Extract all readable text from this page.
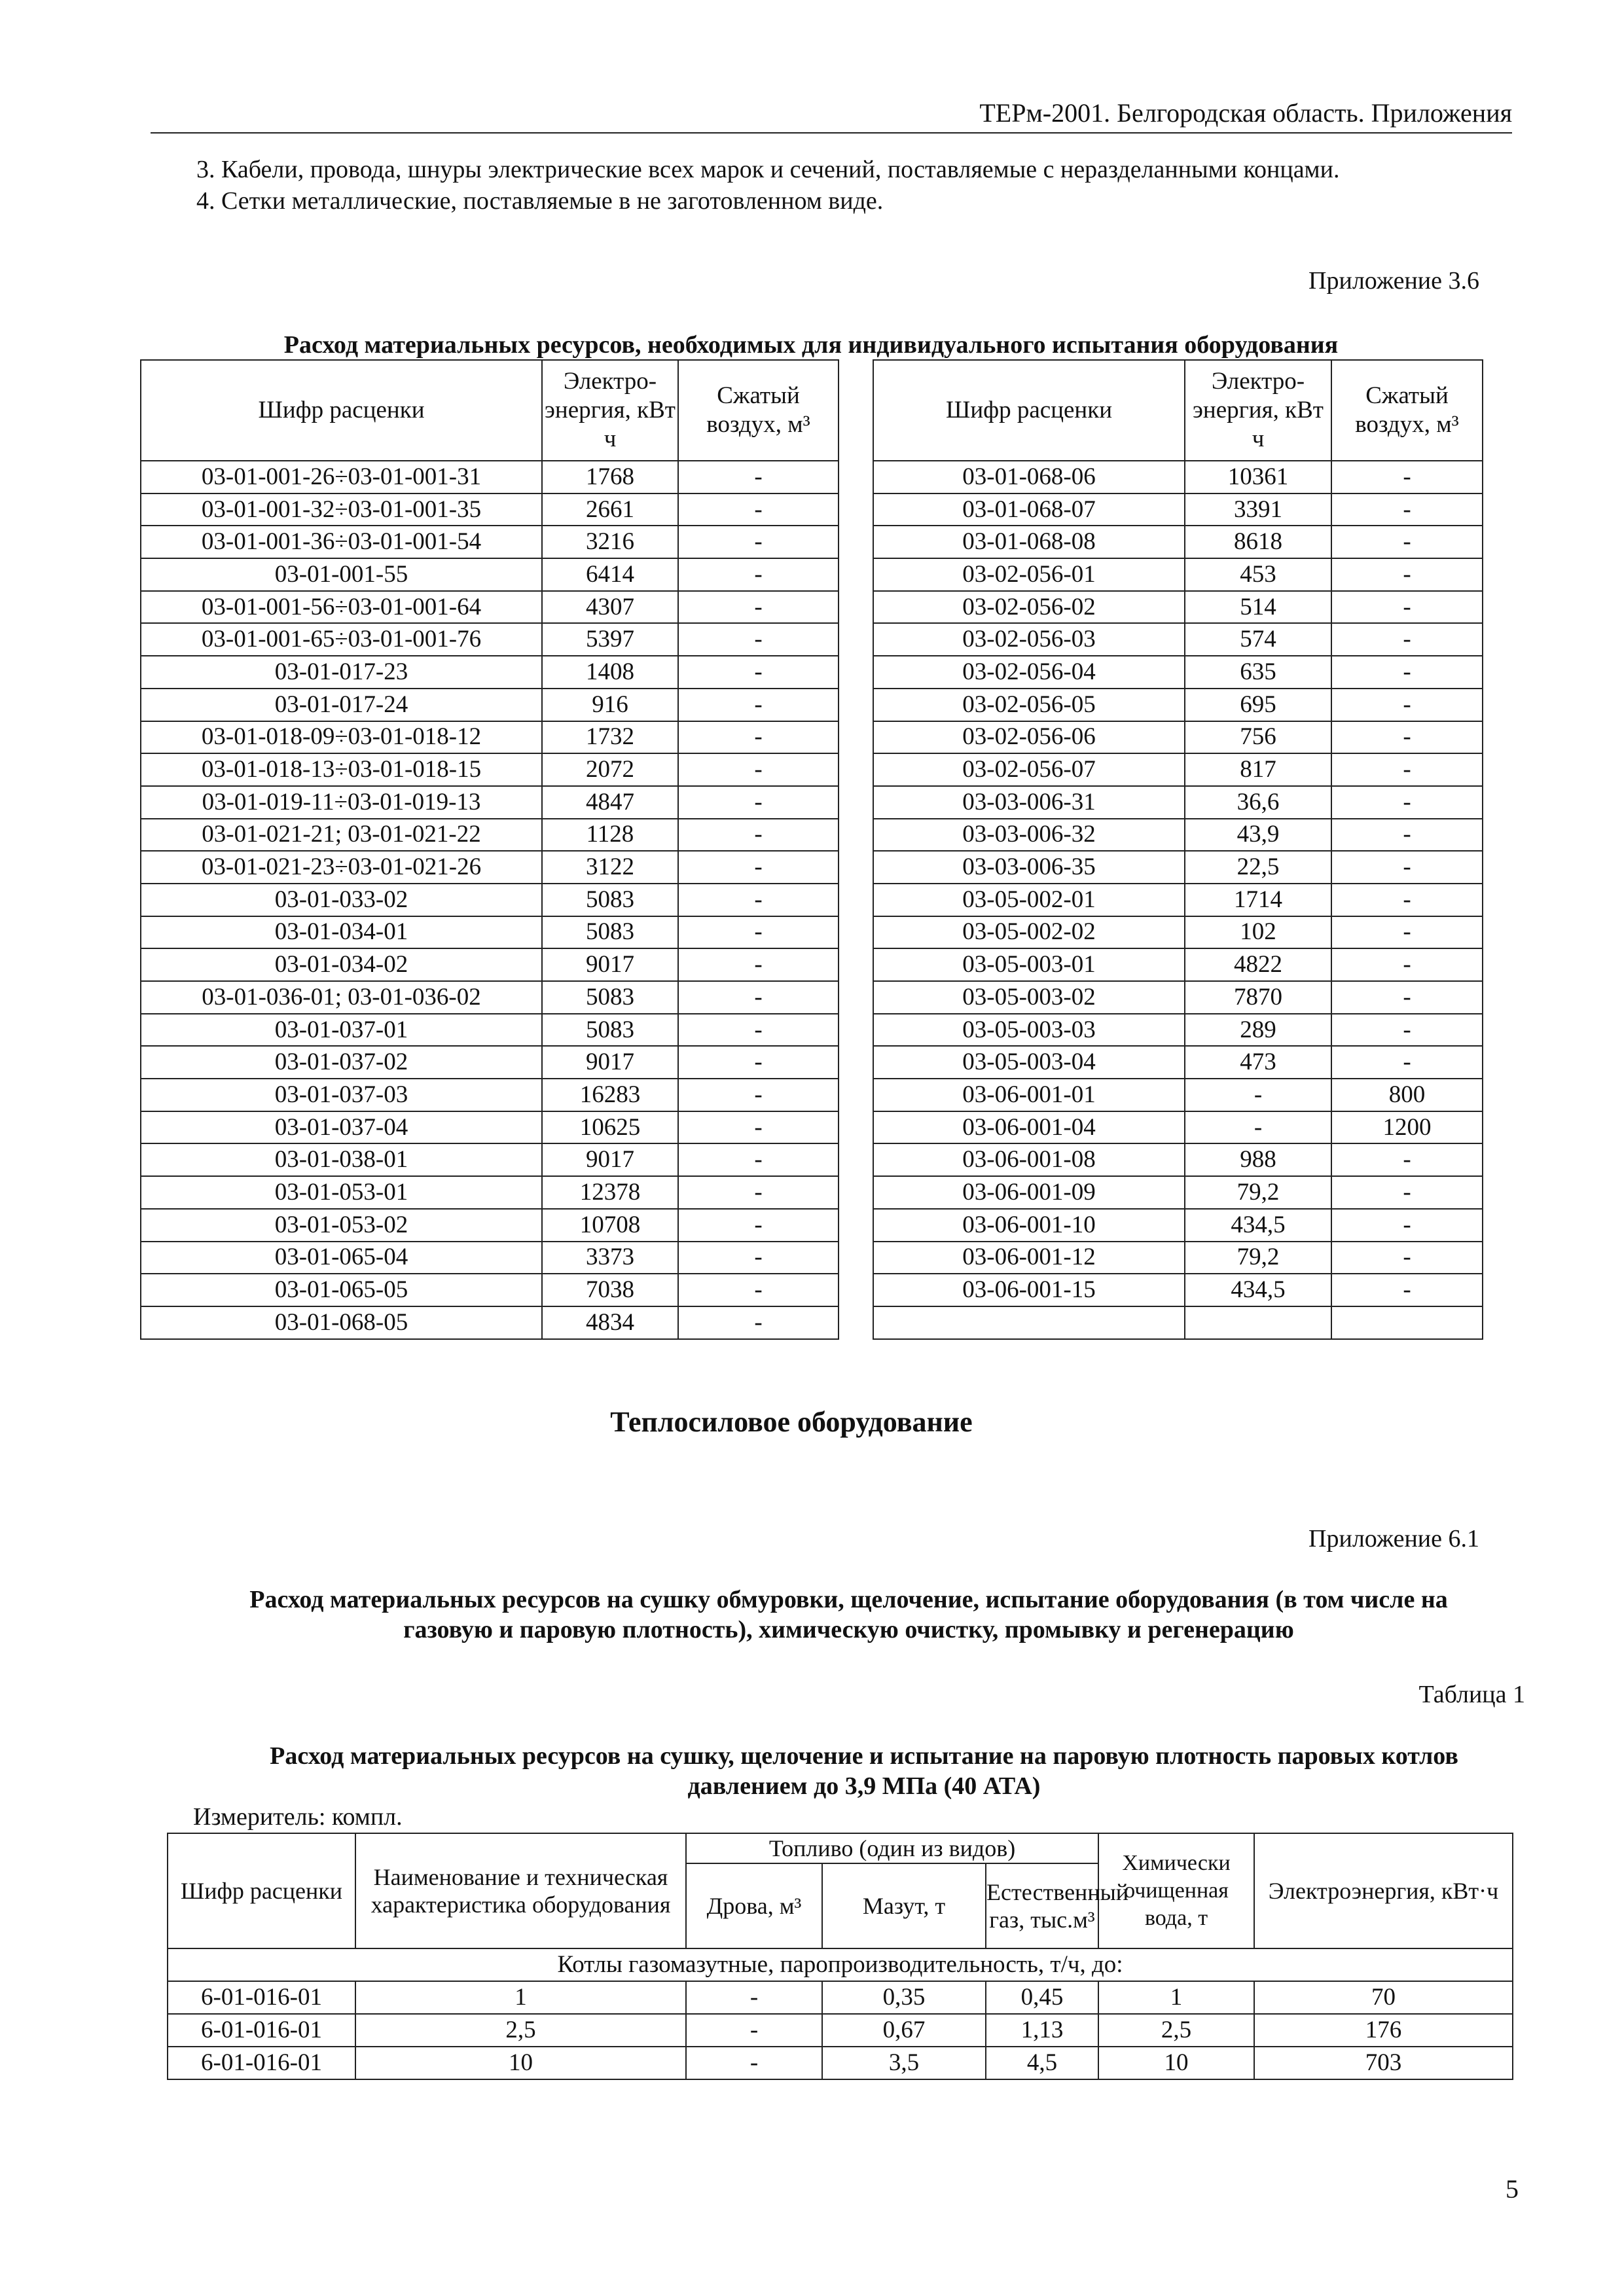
ТЕРм-2001. Белгородская область. Приложения
3. Кабели, провода, шнуры электрические всех марок и сечений, поставляемые с неразделанными концами.
4. Сетки металлические, поставляемые в не заготовленном виде.
Приложение 3.6
Расход материальных ресурсов, необходимых для индивидуального испытания оборудования
Шифр расценки	Электро-энергия, кВт ч	Сжатый воздух, м³
03-01-001-26÷03-01-001-31	1768	-
03-01-001-32÷03-01-001-35	2661	-
03-01-001-36÷03-01-001-54	3216	-
03-01-001-55	6414	-
03-01-001-56÷03-01-001-64	4307	-
03-01-001-65÷03-01-001-76	5397	-
03-01-017-23	1408	-
03-01-017-24	916	-
03-01-018-09÷03-01-018-12	1732	-
03-01-018-13÷03-01-018-15	2072	-
03-01-019-11÷03-01-019-13	4847	-
03-01-021-21; 03-01-021-22	1128	-
03-01-021-23÷03-01-021-26	3122	-
03-01-033-02	5083	-
03-01-034-01	5083	-
03-01-034-02	9017	-
03-01-036-01; 03-01-036-02	5083	-
03-01-037-01	5083	-
03-01-037-02	9017	-
03-01-037-03	16283	-
03-01-037-04	10625	-
03-01-038-01	9017	-
03-01-053-01	12378	-
03-01-053-02	10708	-
03-01-065-04	3373	-
03-01-065-05	7038	-
03-01-068-05	4834	-
Шифр расценки	Электро-энергия, кВт ч	Сжатый воздух, м³
03-01-068-06	10361	-
03-01-068-07	3391	-
03-01-068-08	8618	-
03-02-056-01	453	-
03-02-056-02	514	-
03-02-056-03	574	-
03-02-056-04	635	-
03-02-056-05	695	-
03-02-056-06	756	-
03-02-056-07	817	-
03-03-006-31	36,6	-
03-03-006-32	43,9	-
03-03-006-35	22,5	-
03-05-002-01	1714	-
03-05-002-02	102	-
03-05-003-01	4822	-
03-05-003-02	7870	-
03-05-003-03	289	-
03-05-003-04	473	-
03-06-001-01	-	800
03-06-001-04	-	1200
03-06-001-08	988	-
03-06-001-09	79,2	-
03-06-001-10	434,5	-
03-06-001-12	79,2	-
03-06-001-15	434,5	-

Теплосиловое оборудование
Приложение 6.1
Расход материальных ресурсов на сушку обмуровки, щелочение, испытание оборудования (в том числе на
газовую и паровую плотность), химическую очистку, промывку и регенерацию
Таблица 1
Расход материальных ресурсов на сушку, щелочение и испытание на паровую плотность паровых котлов
давлением до 3,9 МПа (40 АТА)
Измеритель: компл.
Шифр расценки	Наименование и техническая характеристика оборудования	Топливо (один из видов)			Химически очищенная вода, т	Электроэнергия, кВт·ч
		Дрова, м³	Мазут, т	Естественный газ, тыс.м³		
Котлы газомазутные, паропроизводительность, т/ч, до:						
6-01-016-01	1	-	0,35	0,45	1	70
6-01-016-01	2,5	-	0,67	1,13	2,5	176
6-01-016-01	10	-	3,5	4,5	10	703
5
